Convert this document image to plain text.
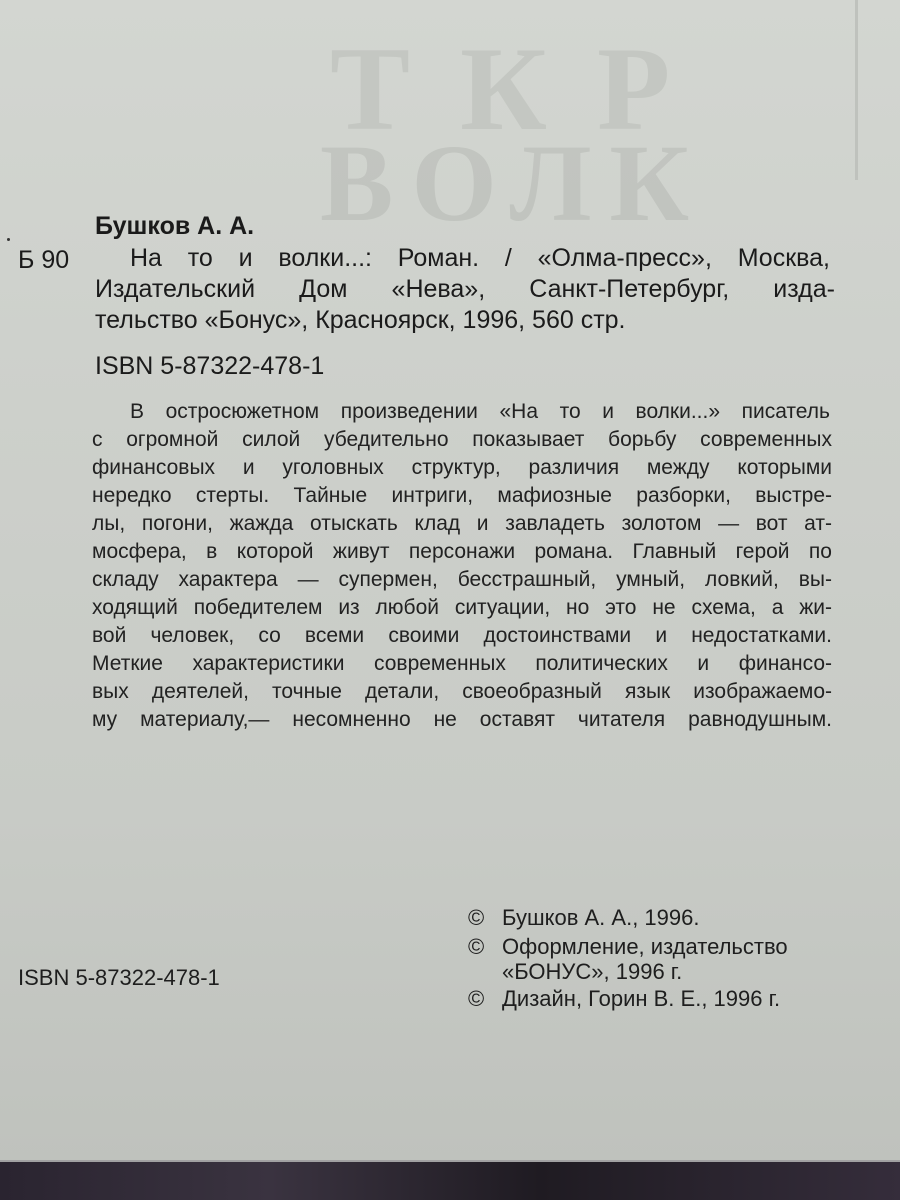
Т К Р
ВОЛК
Бушков А. А.
Б 90 На то и волки...: Роман. / «Олма-пресс», Москва,
Издательский Дом «Нева», Санкт-Петербург, изда-
тельство «Бонус», Красноярск, 1996, 560 стр.
ISBN 5-87322-478-1
В остросюжетном произведении «На то и волки...» писатель
с огромной силой убедительно показывает борьбу современных
финансовых и уголовных структур, различия между которыми
нередко стерты. Тайные интриги, мафиозные разборки, выстре-
лы, погони, жажда отыскать клад и завладеть золотом — вот ат-
мосфера, в которой живут персонажи романа. Главный герой по
складу характера — супермен, бесстрашный, умный, ловкий, вы-
ходящий победителем из любой ситуации, но это не схема, а жи-
вой человек, со всеми своими достоинствами и недостатками.
Меткие характеристики современных политических и финансо-
вых деятелей, точные детали, своеобразный язык изображаемо-
му материалу,— несомненно не оставят читателя равнодушным.
ISBN 5-87322-478-1
© Бушков А. А., 1996.
© Оформление, издательство
«БОНУС», 1996 г.
© Дизайн, Горин В. Е., 1996 г.
